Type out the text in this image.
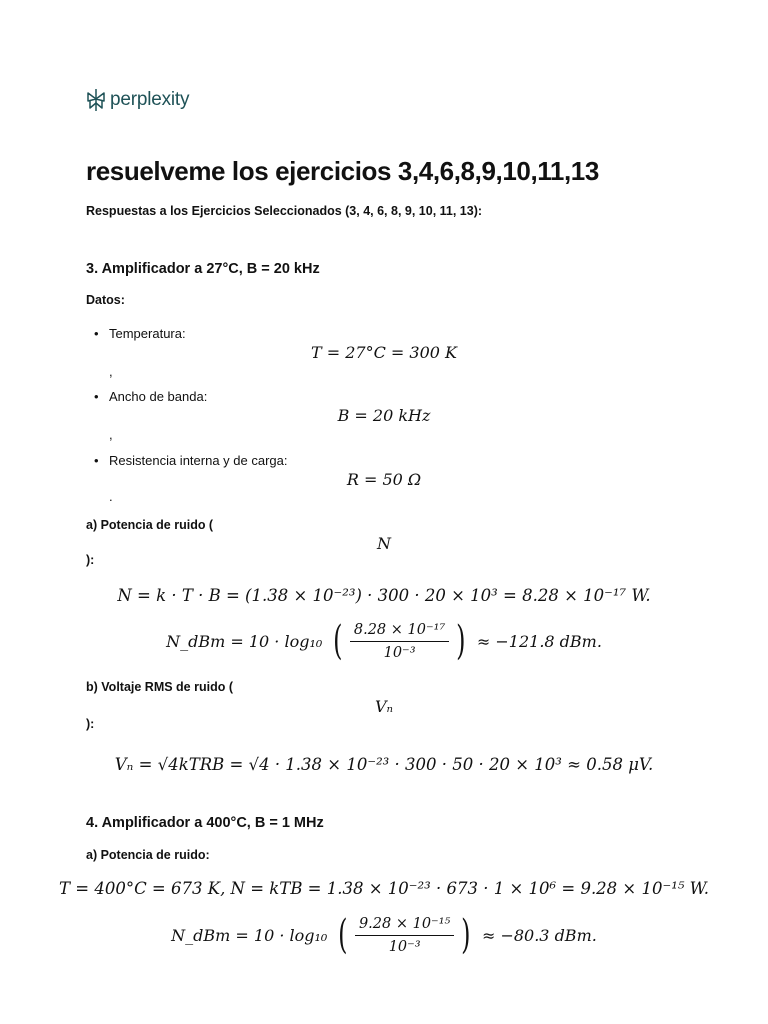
perplexity
resuelveme los ejercicios 3,4,6,8,9,10,11,13
Respuestas a los Ejercicios Seleccionados (3, 4, 6, 8, 9, 10, 11, 13):
3. Amplificador a 27°C, B = 20 kHz
Datos:
• Temperatura:
T = 27°C = 300 K
,
• Ancho de banda:
B = 20 kHz
,
• Resistencia interna y de carga:
R = 50 Ω
.
a) Potencia de ruido (
N
):
N = k · T · B = (1.38 × 10⁻²³) · 300 · 20 × 10³ = 8.28 × 10⁻¹⁷ W.
N_dBm = 10 · log₁₀ ( $\frac{\text{8.28 × 10⁻¹⁷}}{\text{10⁻³}}$ ) ≈ −121.8 dBm.
b) Voltaje RMS de ruido (
Vₙ
):
Vₙ = √4kTRB = √4 · 1.38 × 10⁻²³ · 300 · 50 · 20 × 10³ ≈ 0.58 μV.
4. Amplificador a 400°C, B = 1 MHz
a) Potencia de ruido:
T = 400°C = 673 K, N = kTB = 1.38 × 10⁻²³ · 673 · 1 × 10⁶ = 9.28 × 10⁻¹⁵ W.
N_dBm = 10 · log₁₀ ( $\frac{\text{9.28 × 10⁻¹⁵}}{\text{10⁻³}}$ ) ≈ −80.3 dBm.
